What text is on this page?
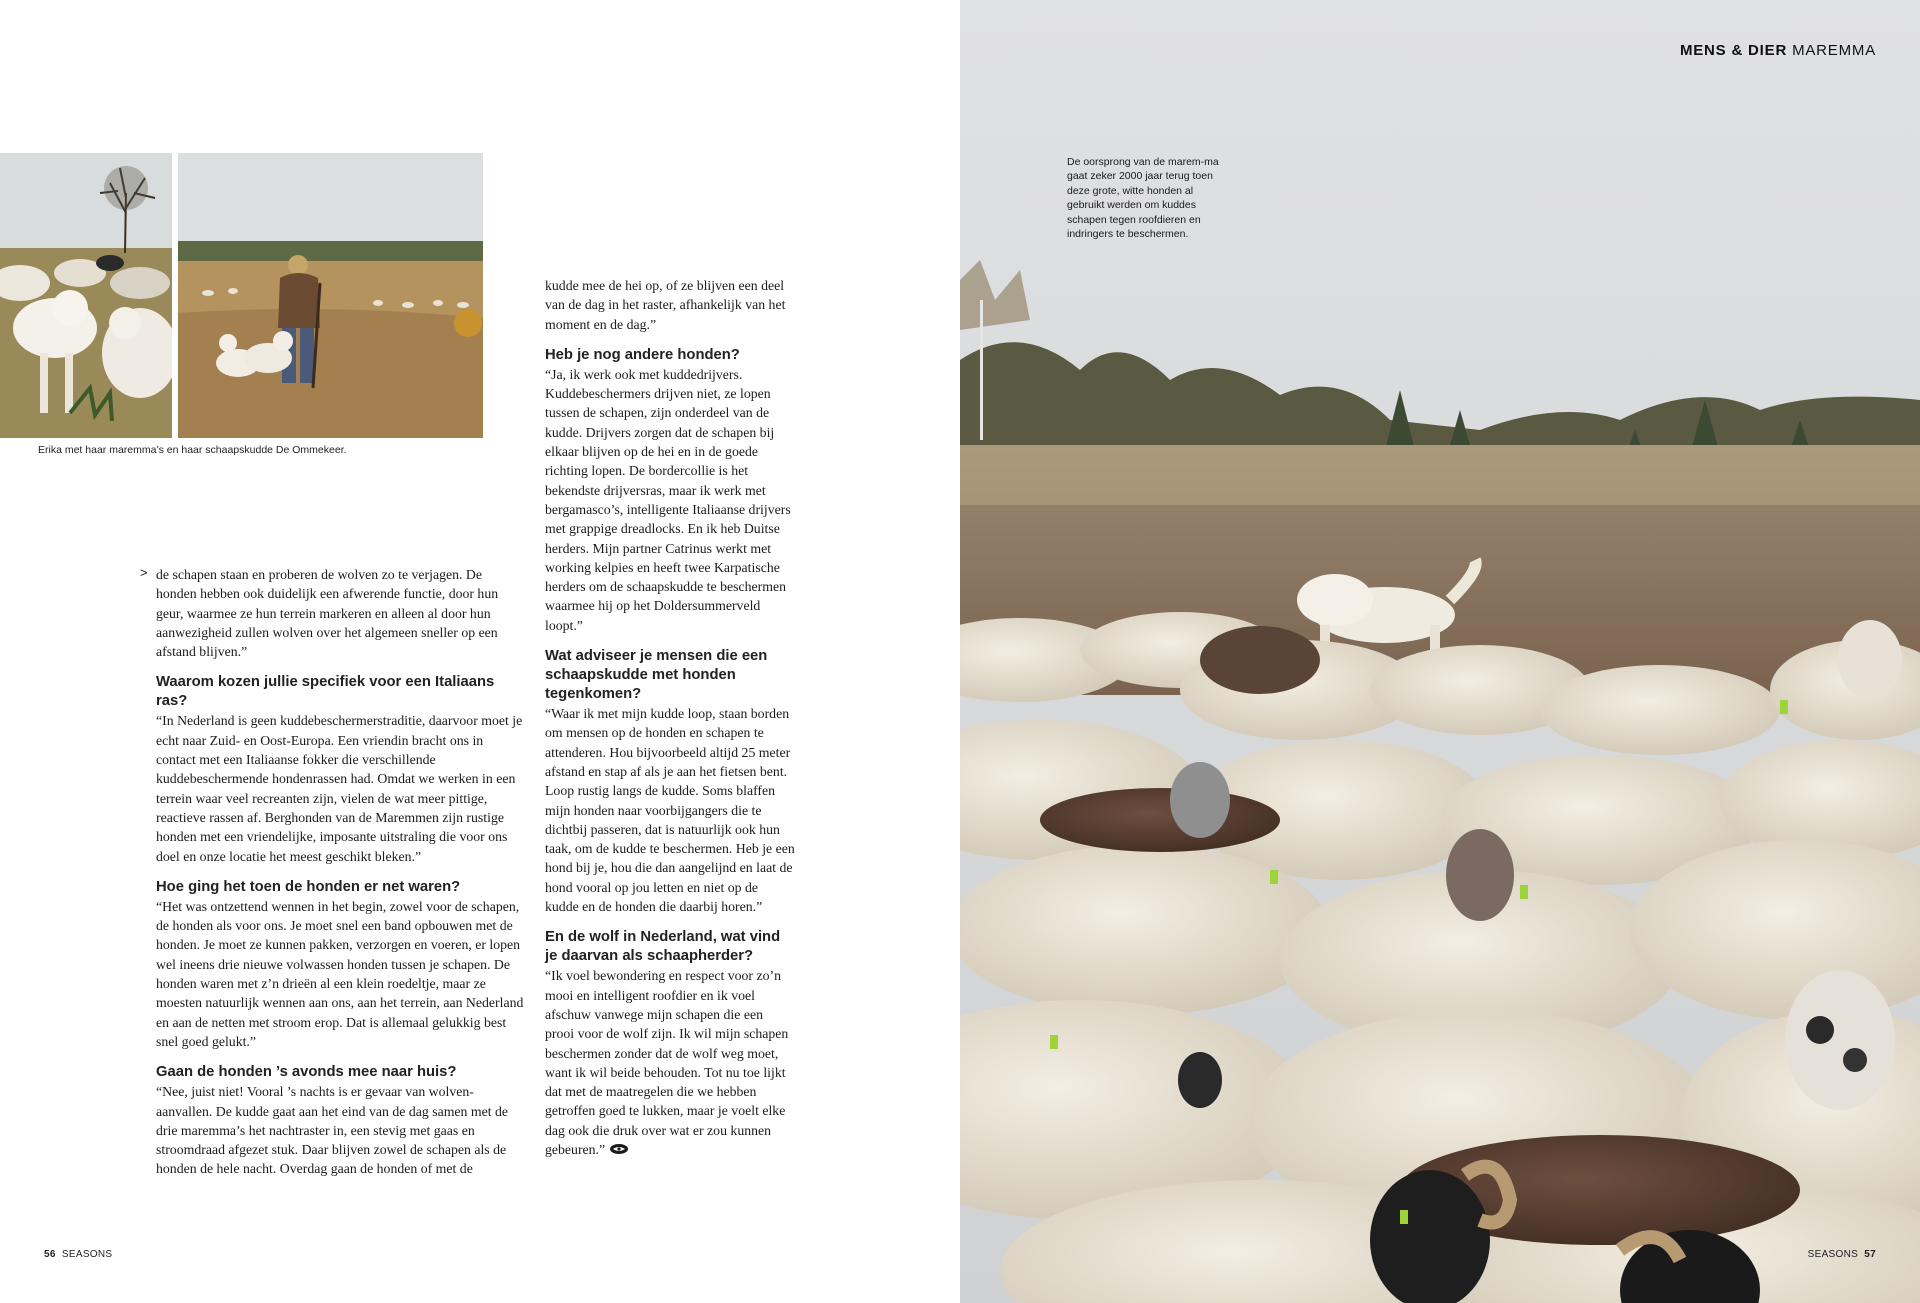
Erika met haar maremma’s en haar schaapskudde De Ommekeer.
> de schapen staan en proberen de wolven zo te verjagen. De honden hebben ook duidelijk een afwerende functie, door hun geur, waarmee ze hun terrein markeren en alleen al door hun aanwezigheid zullen wolven over het algemeen sneller op een afstand blijven.”

Waarom kozen jullie specifiek voor een Italiaans ras?

“In Nederland is geen kuddebeschermerstraditie, daarvoor moet je echt naar Zuid- en Oost-Europa. Een vriendin bracht ons in contact met een Italiaanse fokker die verschillende kuddebeschermende hondenrassen had. Omdat we werken in een terrein waar veel recreanten zijn, vielen de wat meer pittige, reactieve rassen af. Berghonden van de Maremmen zijn rustige honden met een vriendelijke, imposante uitstraling die voor ons doel en onze locatie het meest geschikt bleken.”

Hoe ging het toen de honden er net waren?

“Het was ontzettend wennen in het begin, zowel voor de schapen, de honden als voor ons. Je moet snel een band opbouwen met de honden. Je moet ze kunnen pakken, verzorgen en voeren, er lopen wel ineens drie nieuwe volwassen honden tussen je schapen. De honden waren met z’n drieën al een klein roedeltje, maar ze moesten natuurlijk wennen aan ons, aan het terrein, aan Nederland en aan de netten met stroom erop. Dat is allemaal gelukkig best snel goed gelukt.”

Gaan de honden ’s avonds mee naar huis?

“Nee, juist niet! Vooral ’s nachts is er gevaar van wolven-aanvallen. De kudde gaat aan het eind van de dag samen met de drie maremma’s het nachtraster in, een stevig met gaas en stroomdraad afgezet stuk. Daar blijven zowel de schapen als de honden de hele nacht. Overdag gaan de honden of met de

kudde mee de hei op, of ze blijven een deel van de dag in het raster, afhankelijk van het moment en de dag.”

Heb je nog andere honden?

“Ja, ik werk ook met kuddedrijvers. Kuddebeschermers drijven niet, ze lopen tussen de schapen, zijn onderdeel van de kudde. Drijvers zorgen dat de schapen bij elkaar blijven op de hei en in de goede richting lopen. De bordercollie is het bekendste drijversras, maar ik werk met bergamasco’s, intelligente Italiaanse drijvers met grappige dreadlocks. En ik heb Duitse herders. Mijn partner Catrinus werkt met working kelpies en heeft twee Karpatische herders om de schaapskudde te beschermen waarmee hij op het Doldersummerveld loopt.”

Wat adviseer je mensen die een schaapskudde met honden tegenkomen?

“Waar ik met mijn kudde loop, staan borden om mensen op de honden en schapen te attenderen. Hou bijvoorbeeld altijd 25 meter afstand en stap af als je aan het fietsen bent. Loop rustig langs de kudde. Soms blaffen mijn honden naar voorbijgangers die te dichtbij passeren, dat is natuurlijk ook hun taak, om de kudde te beschermen. Heb je een hond bij je, hou die dan aangelijnd en laat de hond vooral op jou letten en niet op de kudde en de honden die daarbij horen.”

En de wolf in Nederland, wat vind je daarvan als schaapherder?

“Ik voel bewondering en respect voor zo’n mooi en intelligent roofdier en ik voel afschuw vanwege mijn schapen die een prooi voor de wolf zijn. Ik wil mijn schapen beschermen zonder dat de wolf weg moet, want ik wil beide behouden. Tot nu toe lijkt dat met de maatregelen die we hebben getroffen goed te lukken, maar je voelt elke dag ook die druk over wat er zou kunnen gebeuren.”

56 SEASONS
MENS & DIER MAREMMA
De oorsprong van de marem-ma gaat zeker 2000 jaar terug toen deze grote, witte honden al gebruikt werden om kuddes schapen tegen roofdieren en indringers te beschermen.
SEASONS 57
